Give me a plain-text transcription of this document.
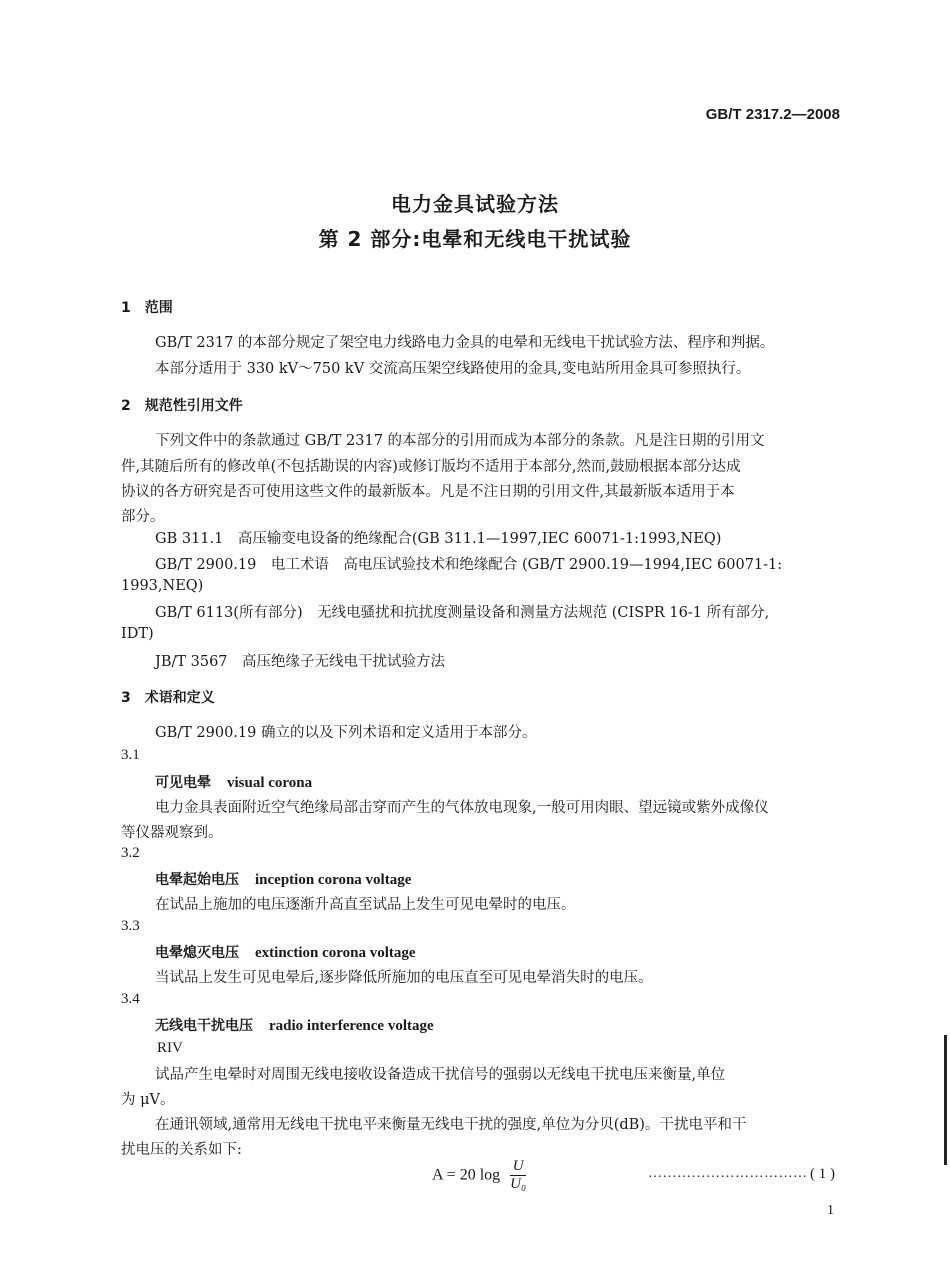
GB/T 2317.2—2008
电力金具试验方法
第 2 部分:电晕和无线电干扰试验
1　范围
GB/T 2317 的本部分规定了架空电力线路电力金具的电晕和无线电干扰试验方法、程序和判据。
本部分适用于 330 kV～750 kV 交流高压架空线路使用的金具,变电站所用金具可参照执行。
2　规范性引用文件
下列文件中的条款通过 GB/T 2317 的本部分的引用而成为本部分的条款。凡是注日期的引用文
件,其随后所有的修改单(不包括勘误的内容)或修订版均不适用于本部分,然而,鼓励根据本部分达成
协议的各方研究是否可使用这些文件的最新版本。凡是不注日期的引用文件,其最新版本适用于本
部分。
GB 311.1　高压输变电设备的绝缘配合(GB 311.1—1997,IEC 60071-1:1993,NEQ)
GB/T 2900.19　电工术语　高电压试验技术和绝缘配合 (GB/T 2900.19—1994,IEC 60071-1:
1993,NEQ)
GB/T 6113(所有部分)　无线电骚扰和抗扰度测量设备和测量方法规范 (CISPR 16-1 所有部分,
IDT)
JB/T 3567　高压绝缘子无线电干扰试验方法
3　术语和定义
GB/T 2900.19 确立的以及下列术语和定义适用于本部分。
3.1
可见电晕 visual corona
电力金具表面附近空气绝缘局部击穿而产生的气体放电现象,一般可用肉眼、望远镜或紫外成像仪
等仪器观察到。
3.2
电晕起始电压 inception corona voltage
在试品上施加的电压逐渐升高直至试品上发生可见电晕时的电压。
3.3
电晕熄灭电压 extinction corona voltage
当试品上发生可见电晕后,逐步降低所施加的电压直至可见电晕消失时的电压。
3.4
无线电干扰电压 radio interference voltage
RIV
试品产生电晕时对周围无线电接收设备造成干扰信号的强弱以无线电干扰电压来衡量,单位
为 μV。
在通讯领域,通常用无线电干扰电平来衡量无线电干扰的强度,单位为分贝(dB)。干扰电平和干
扰电压的关系如下:
A = 20 $\log \frac{U}{\text{U₀}}$	…………………………… ( 1 )
1
